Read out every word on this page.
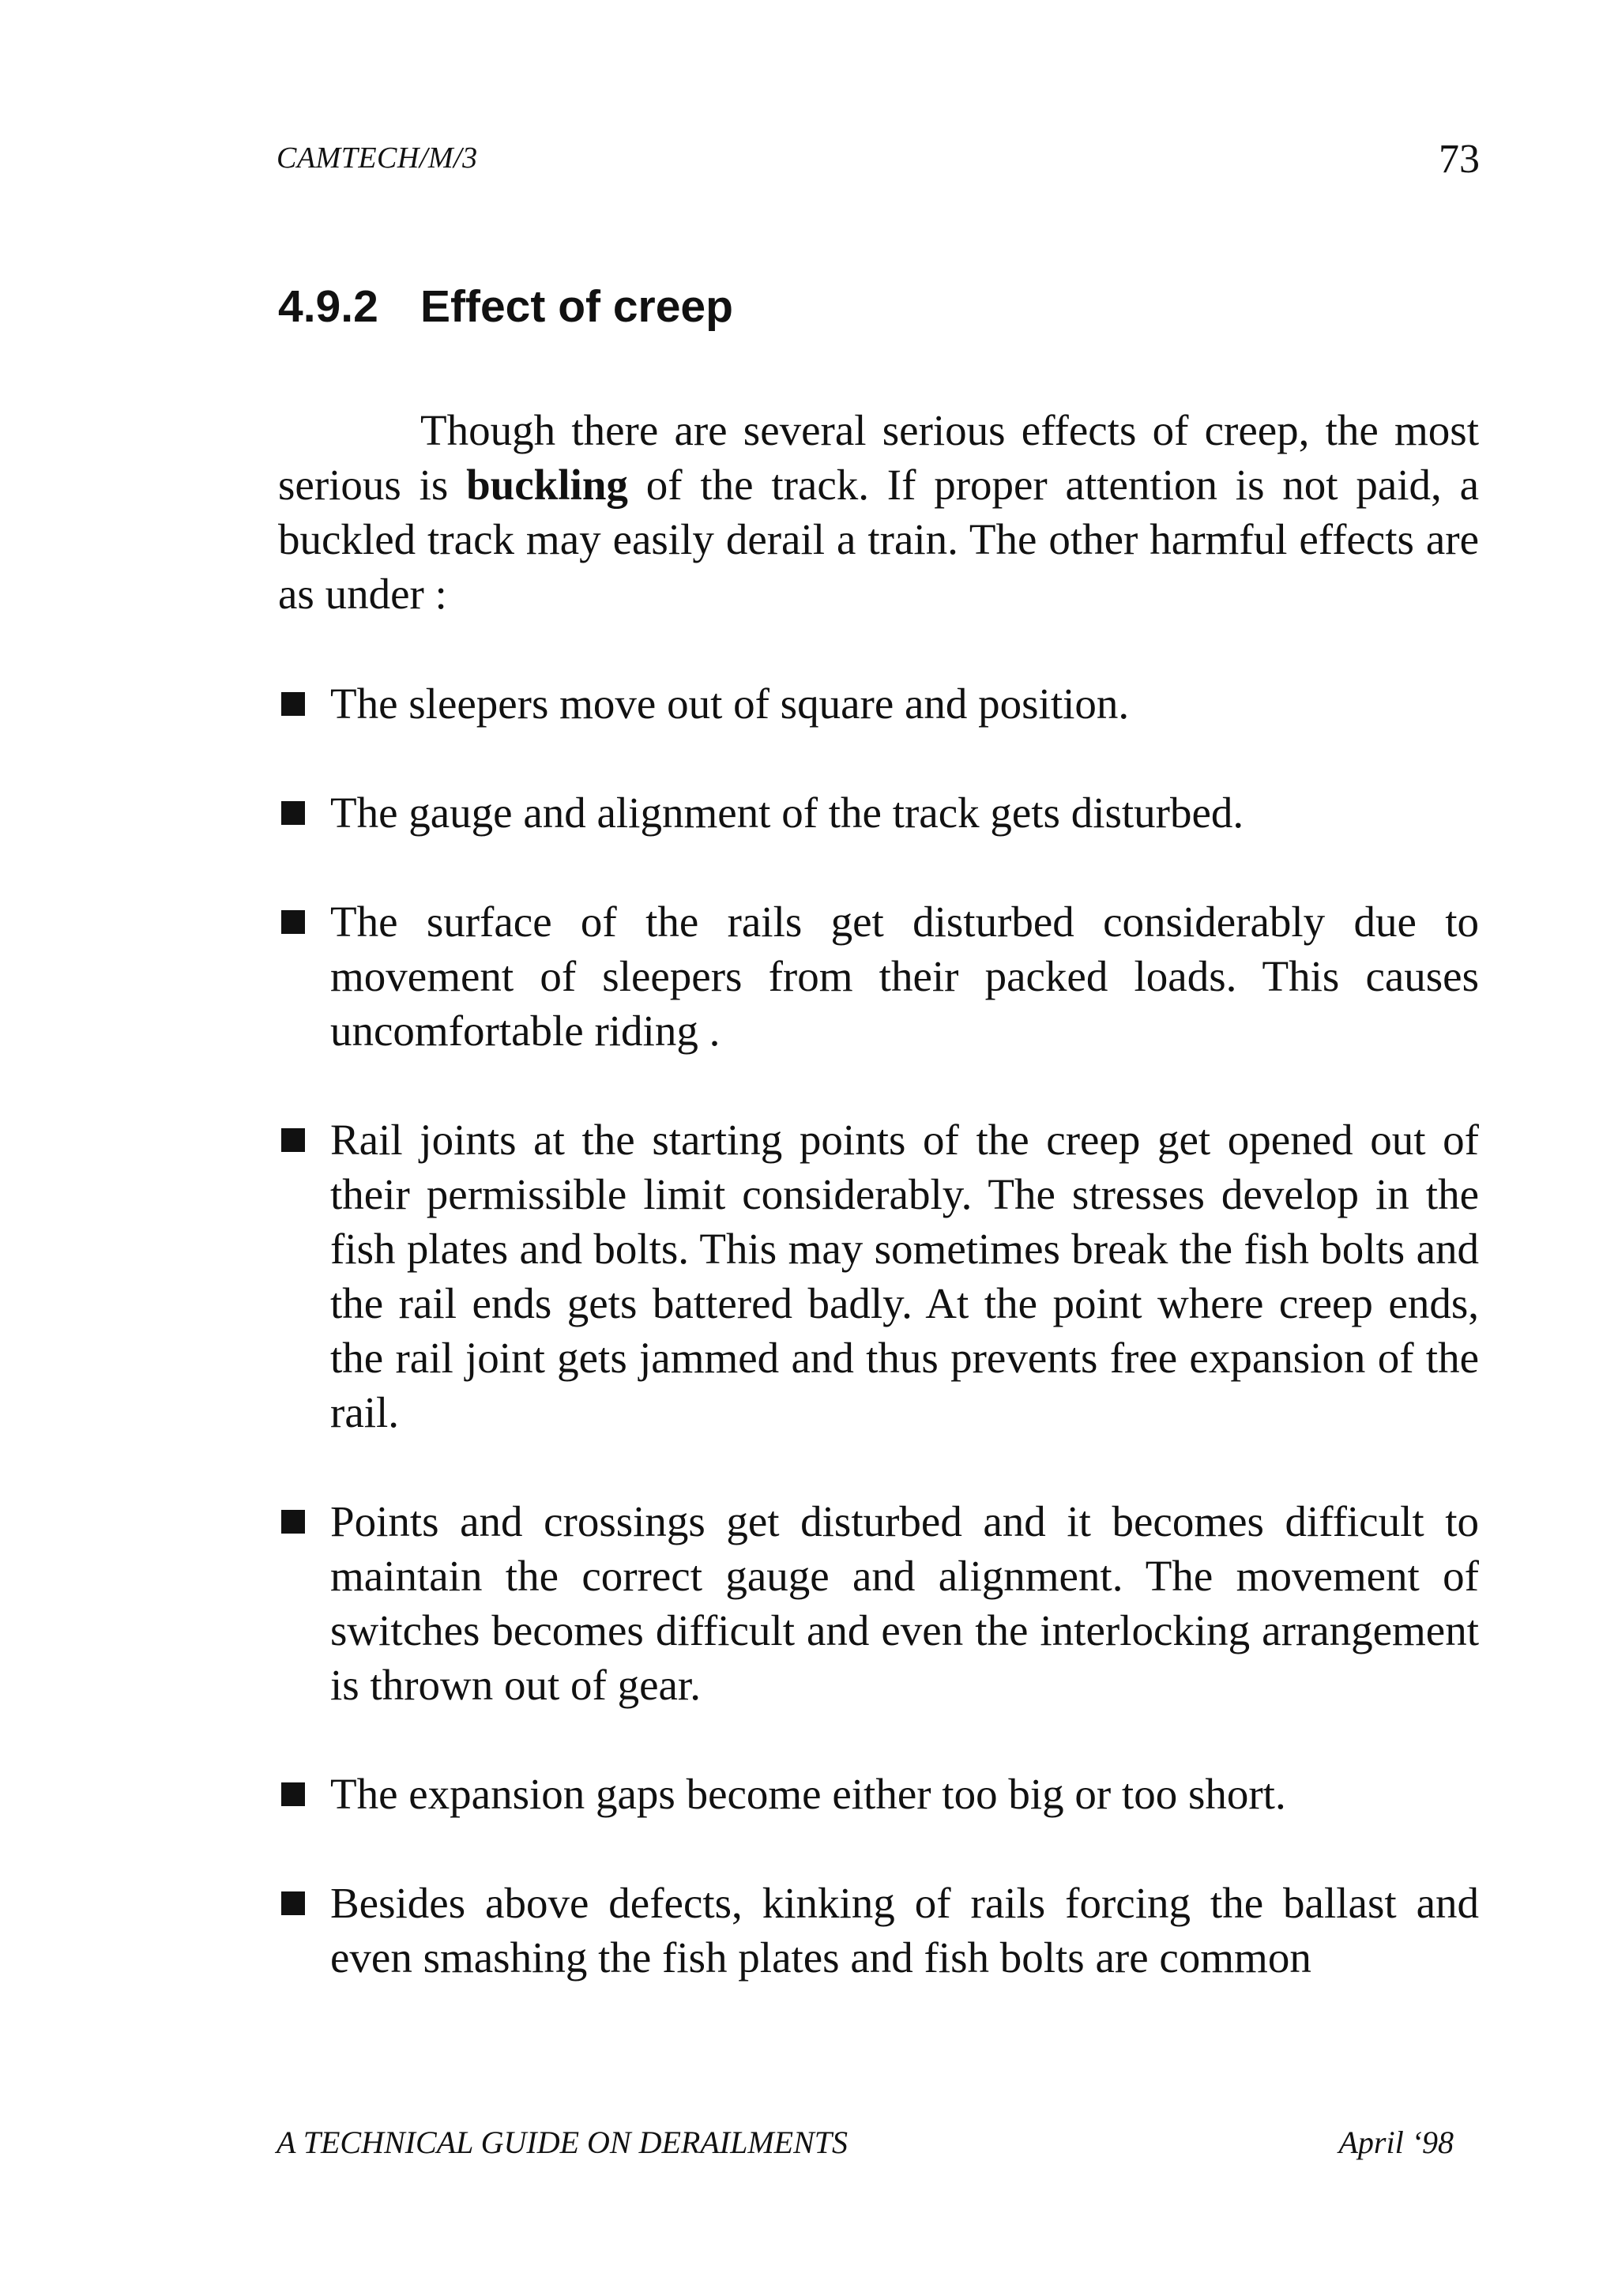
CAMTECH/M/3	73
4.9.2 Effect of creep

Though there are several serious effects of creep, the most serious is buckling of the track. If proper attention is not paid, a buckled track may easily derail a train. The other harmful effects are as under :

The sleepers move out of square and position.
The gauge and alignment of the track gets disturbed.
The surface of the rails get disturbed considerably due to movement of sleepers from their packed loads. This causes uncomfortable riding .
Rail joints at the starting points of the creep get opened out of their permissible limit considerably. The stresses develop in the fish plates and bolts. This may sometimes break the fish bolts and the rail ends gets battered badly. At the point where creep ends, the rail joint gets jammed and thus prevents free expansion of the rail.
Points and crossings get disturbed and it becomes difficult to maintain the correct gauge and alignment. The movement of switches becomes difficult and even the interlocking arrangement is thrown out of gear.
The expansion gaps become either too big or too short.
Besides above defects, kinking of rails forcing the ballast and even smashing the fish plates and fish bolts are common
A TECHNICAL GUIDE ON DERAILMENTS	April ‘98
